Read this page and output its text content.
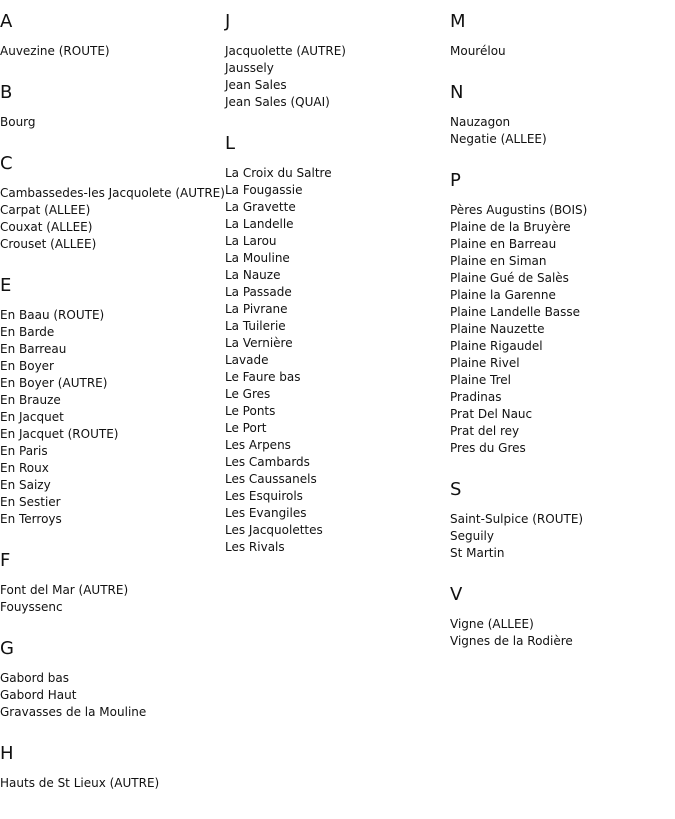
A
Auvezine (ROUTE)
B
Bourg
C
Cambassedes-les Jacquolete (AUTRE)
Carpat (ALLEE)
Couxat (ALLEE)
Crouset (ALLEE)
E
En Baau (ROUTE)
En Barde
En Barreau
En Boyer
En Boyer (AUTRE)
En Brauze
En Jacquet
En Jacquet (ROUTE)
En Paris
En Roux
En Saizy
En Sestier
En Terroys
F
Font del Mar (AUTRE)
Fouyssenc
G
Gabord bas
Gabord Haut
Gravasses de la Mouline
H
Hauts de St Lieux (AUTRE)
J
Jacquolette (AUTRE)
Jaussely
Jean Sales
Jean Sales (QUAI)
L
La Croix du Saltre
La Fougassie
La Gravette
La Landelle
La Larou
La Mouline
La Nauze
La Passade
La Pivrane
La Tuilerie
La Vernière
Lavade
Le Faure bas
Le Gres
Le Ponts
Le Port
Les Arpens
Les Cambards
Les Caussanels
Les Esquirols
Les Evangiles
Les Jacquolettes
Les Rivals
M
Mourélou
N
Nauzagon
Negatie (ALLEE)
P
Pères Augustins (BOIS)
Plaine de la Bruyère
Plaine en Barreau
Plaine en Siman
Plaine Gué de Salès
Plaine la Garenne
Plaine Landelle Basse
Plaine Nauzette
Plaine Rigaudel
Plaine Rivel
Plaine Trel
Pradinas
Prat Del Nauc
Prat del rey
Pres du Gres
S
Saint-Sulpice (ROUTE)
Seguily
St Martin
V
Vigne (ALLEE)
Vignes de la Rodière
